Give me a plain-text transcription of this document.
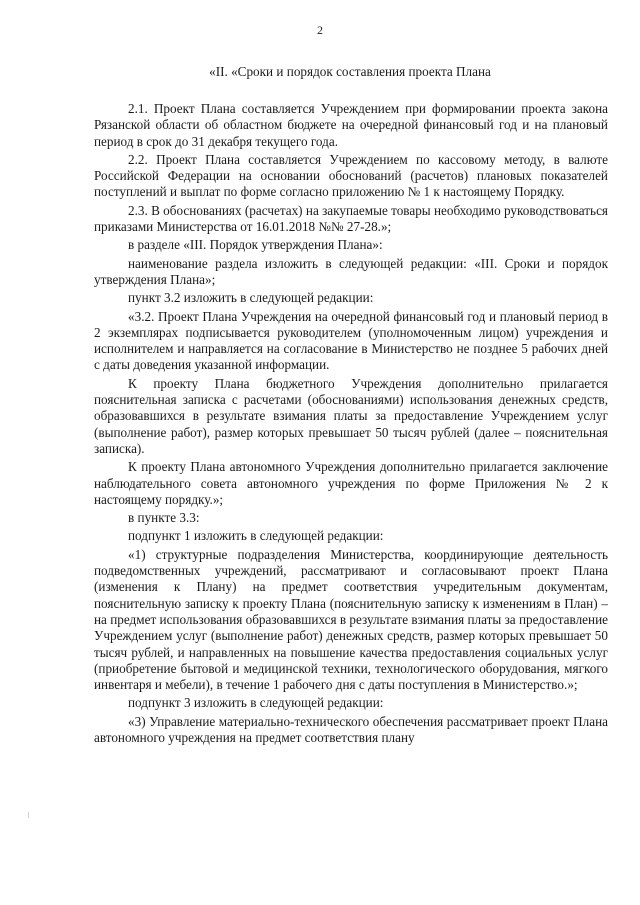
2
«II. «Сроки и порядок составления проекта Плана

2.1. Проект Плана составляется Учреждением при формировании проекта закона Рязанской области об областном бюджете на очередной финансовый год и на плановый период в срок до 31 декабря текущего года.

2.2. Проект Плана составляется Учреждением по кассовому методу, в валюте Российской Федерации на основании обоснований (расчетов) плановых показателей поступлений и выплат по форме согласно приложению № 1 к настоящему Порядку.

2.3. В обоснованиях (расчетах) на закупаемые товары необходимо руководствоваться приказами Министерства от 16.01.2018 №№ 27-28.»;

в разделе «III. Порядок утверждения Плана»:

наименование раздела изложить в следующей редакции: «III. Сроки и порядок утверждения Плана»;

пункт 3.2 изложить в следующей редакции:

«3.2. Проект Плана Учреждения на очередной финансовый год и плановый период в 2 экземплярах подписывается руководителем (уполномоченным лицом) учреждения и исполнителем и направляется на согласование в Министерство не позднее 5 рабочих дней с даты доведения указанной информации.

К проекту Плана бюджетного Учреждения дополнительно прилагается пояснительная записка с расчетами (обоснованиями) использования денежных средств, образовавшихся в результате взимания платы за предоставление Учреждением услуг (выполнение работ), размер которых превышает 50 тысяч рублей (далее – пояснительная записка).

К проекту Плана автономного Учреждения дополнительно прилагается заключение наблюдательного совета автономного учреждения по форме Приложения № 2 к настоящему порядку.»;

в пункте 3.3:

подпункт 1 изложить в следующей редакции:

«1) структурные подразделения Министерства, координирующие деятельность подведомственных учреждений, рассматривают и согласовывают проект Плана (изменения к Плану) на предмет соответствия учредительным документам, пояснительную записку к проекту Плана (пояснительную записку к изменениям в План) – на предмет использования образовавшихся в результате взимания платы за предоставление Учреждением услуг (выполнение работ) денежных средств, размер которых превышает 50 тысяч рублей, и направленных на повышение качества предоставления социальных услуг (приобретение бытовой и медицинской техники, технологического оборудования, мягкого инвентаря и мебели), в течение 1 рабочего дня с даты поступления в Министерство.»;

подпункт 3 изложить в следующей редакции:

«3) Управление материально-технического обеспечения рассматривает проект Плана автономного учреждения на предмет соответствия плану
